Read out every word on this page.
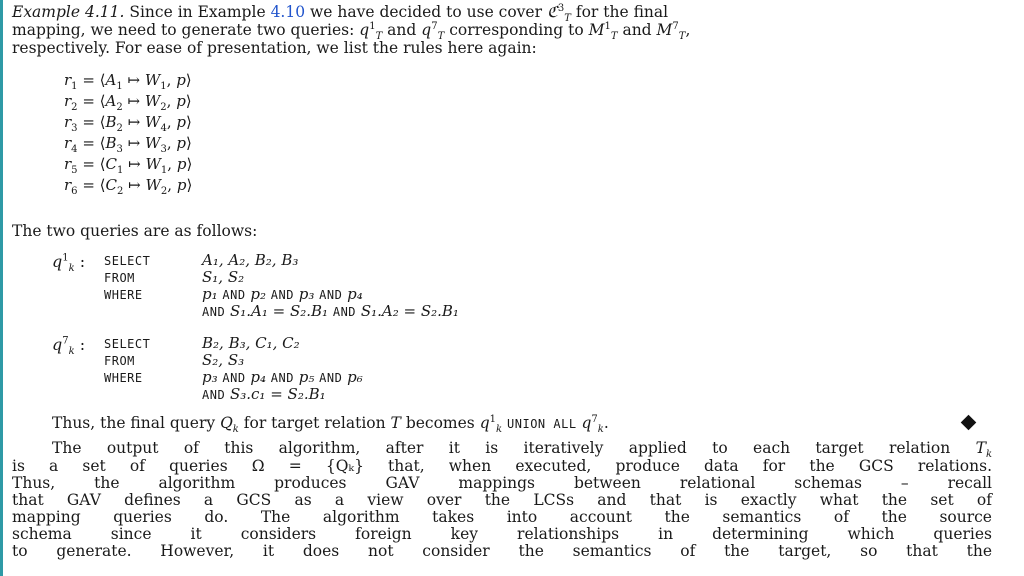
Example 4.11. Since in Example 4.10 we have decided to use cover ℭ$^3_T$ for the final
mapping, we need to generate two queries: $q^1_T$ and $q^7_T$ corresponding to $M^1_T$ and $M^7_T$,
respectively. For ease of presentation, we list the rules here again:
$r_1$ = $⟨A_1$ ↦ $W_1$, p⟩
$r_2$ = $⟨A_2$ ↦ $W_2$, p⟩
$r_3$ = $⟨B_2$ ↦ $W_4$, p⟩
$r_4$ = $⟨B_3$ ↦ $W_3$, p⟩
$r_5$ = $⟨C_1$ ↦ $W_1$, p⟩
$r_6$ = $⟨C_2$ ↦ $W_2$, p⟩
The two queries are as follows:
$q^1_k$ : SELECT	A₁, A₂, B₂, B₃
FROM	S₁, S₂
WHERE	p₁ AND p₂ AND p₃ AND p₄
AND S₁.A₁ = S₂.B₁ AND S₁.A₂ = S₂.B₁
$q^7_k$ : SELECT	B₂, B₃, C₁, C₂
FROM	S₂, S₃
WHERE	p₃ AND p₄ AND p₅ AND p₆
AND S₃.c₁ = S₂.B₁
Thus, the final query $Q_k$ for target relation T becomes $q^1_k$ UNION ALL $q^7_k$.
The output of this algorithm, after it is iteratively applied to each target relation $T_k$
is a set of queries Ω = {Qₖ} that, when executed, produce data for the GCS relations.
Thus, the algorithm produces GAV mappings between relational schemas – recall
that GAV defines a GCS as a view over the LCSs and that is exactly what the set of
mapping queries do. The algorithm takes into account the semantics of the source
schema since it considers foreign key relationships in determining which queries
to generate. However, it does not consider the semantics of the target, so that the
